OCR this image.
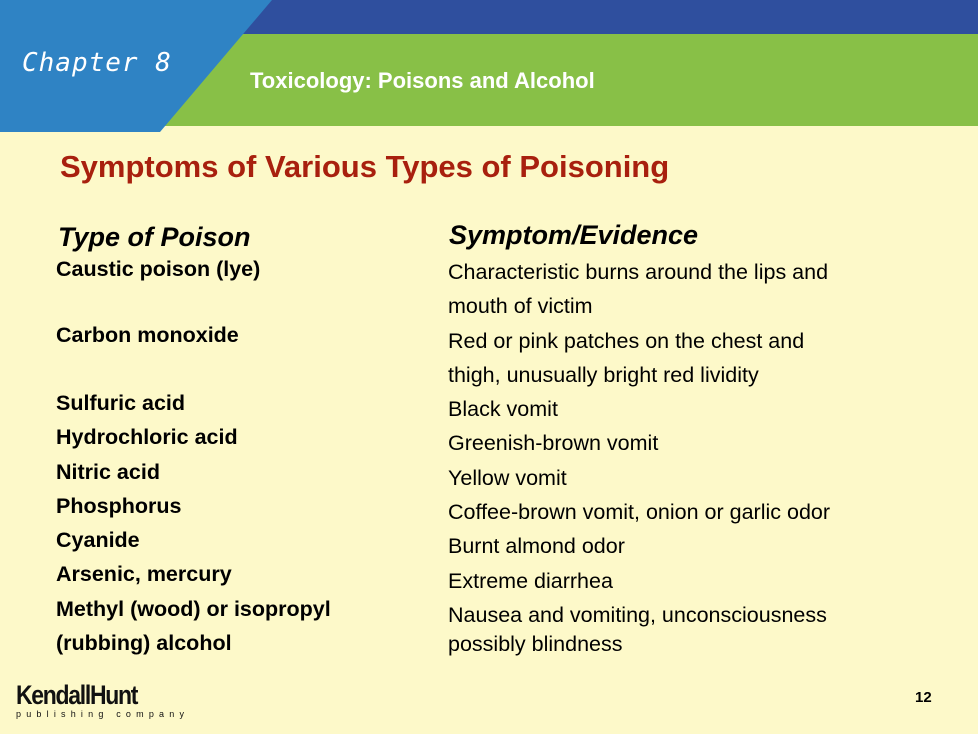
Chapter 8
Toxicology: Poisons and Alcohol
Symptoms of Various Types of Poisoning
Type of Poison	Symptom/Evidence
Caustic poison (lye)
Carbon monoxide
Sulfuric acid
Hydrochloric acid
Nitric acid
Phosphorus
Cyanide
Arsenic, mercury
Methyl (wood) or isopropyl
(rubbing) alcohol
Characteristic burns around the lips and
mouth of victim
Red or pink patches on the chest and
thigh, unusually bright red lividity
Black vomit
Greenish-brown vomit
Yellow vomit
Coffee-brown vomit, onion or garlic odor
Burnt almond odor
Extreme diarrhea
Nausea and vomiting, unconsciousness
possibly blindness
KendallHunt
publishing company
12
